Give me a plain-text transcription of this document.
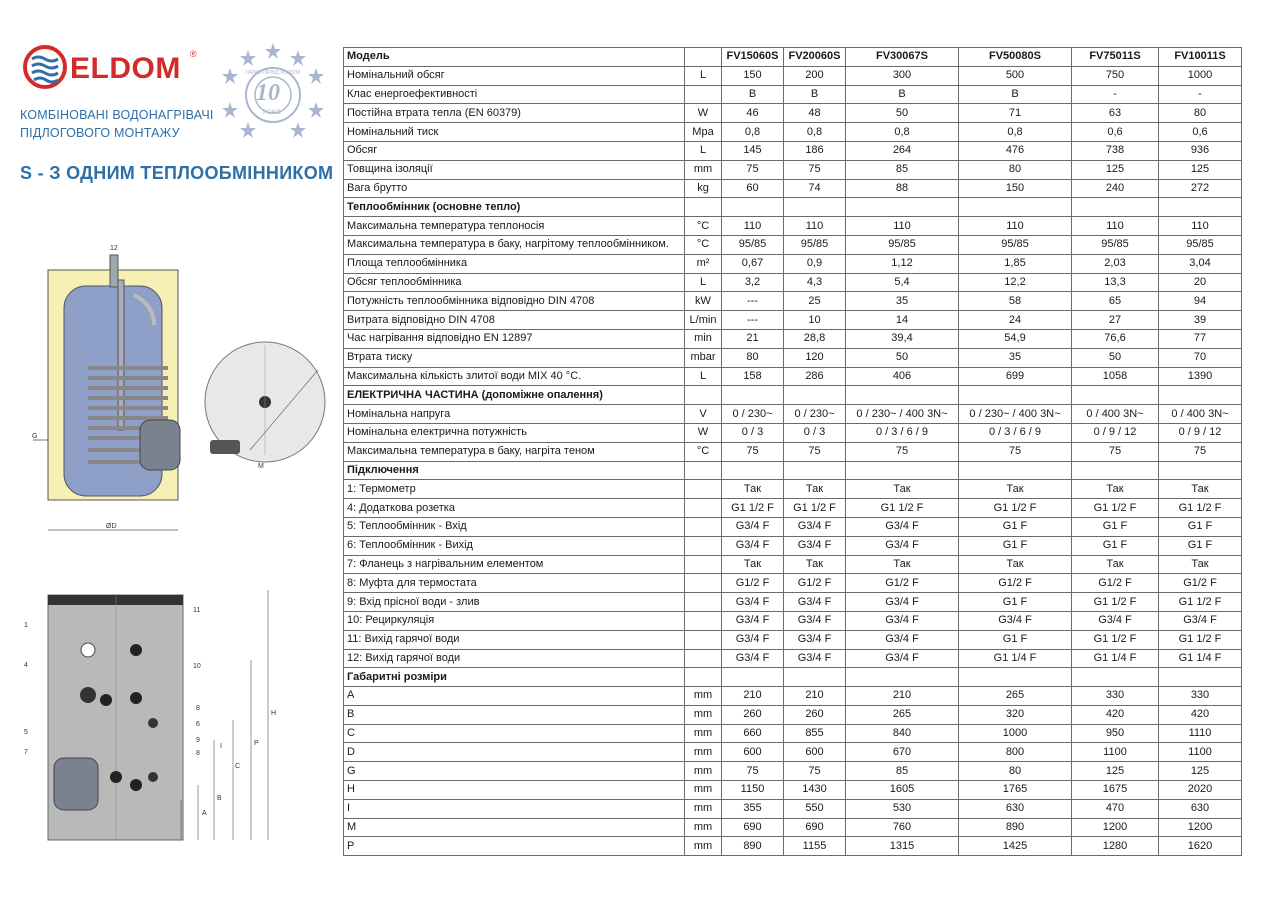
ELDOM ®
10
ГАРАНТІЯ ВІД КОРОЗІЇ
РОКІВ
КОМБІНОВАНІ ВОДОНАГРІВАЧІ
ПІДЛОГОВОГО МОНТАЖУ
S - З ОДНИМ ТЕПЛООБМІННИКОМ
12
G
ØD
M
1
4
5
7
11
10
8
6
9
8
A
B
C
I	P
H
Модель		FV15060S	FV20060S	FV30067S	FV50080S	FV75011S	FV10011S
Номінальний обсяг	L	150	200	300	500	750	1000
Клас енергоефективності		B	B	B	B	-	-
Постійна втрата тепла (EN 60379)	W	46	48	50	71	63	80
Номінальний тиск	Mpa	0,8	0,8	0,8	0,8	0,6	0,6
Обсяг	L	145	186	264	476	738	936
Товщина ізоляції	mm	75	75	85	80	125	125
Вага брутто	kg	60	74	88	150	240	272
Теплообмінник (основне тепло)							
Максимальна температура теплоносія	°C	110	110	110	110	110	110
Максимальна температура в баку, нагрітому теплообмінником.	°C	95/85	95/85	95/85	95/85	95/85	95/85
Площа теплообмінника	m²	0,67	0,9	1,12	1,85	2,03	3,04
Обсяг теплообмінника	L	3,2	4,3	5,4	12,2	13,3	20
Потужність теплообмінника відповідно DIN 4708	kW	---	25	35	58	65	94
Витрата відповідно DIN 4708	L/min	---	10	14	24	27	39
Час нагрівання відповідно EN 12897	min	21	28,8	39,4	54,9	76,6	77
Втрата тиску	mbar	80	120	50	35	50	70
Максимальна кількість злитої води MIX 40 °C.	L	158	286	406	699	1058	1390
ЕЛЕКТРИЧНА ЧАСТИНА (допоміжне опалення)							
Номінальна напруга	V	0 / 230~	0 / 230~	0 / 230~ / 400 3N~	0 / 230~ / 400 3N~	0 / 400 3N~	0 / 400 3N~
Номінальна електрична потужність	W	0 / 3	0 / 3	0 / 3 / 6 / 9	0 / 3 / 6 / 9	0 / 9 / 12	0 / 9 / 12
Максимальна температура в баку, нагріта теном	°C	75	75	75	75	75	75
Підключення							
1: Термометр		Так	Так	Так	Так	Так	Так
4: Додаткова розетка		G1 1/2 F	G1 1/2 F	G1 1/2 F	G1 1/2 F	G1 1/2 F	G1 1/2 F
5: Теплообмінник - Вхід		G3/4 F	G3/4 F	G3/4 F	G1 F	G1 F	G1 F
6: Теплообмінник - Вихід		G3/4 F	G3/4 F	G3/4 F	G1 F	G1 F	G1 F
7: Фланець з нагрівальним елементом		Так	Так	Так	Так	Так	Так
8: Муфта для термостата		G1/2 F	G1/2 F	G1/2 F	G1/2 F	G1/2 F	G1/2 F
9: Вхід прісної води - злив		G3/4 F	G3/4 F	G3/4 F	G1 F	G1 1/2 F	G1 1/2 F
10: Рециркуляція		G3/4 F	G3/4 F	G3/4 F	G3/4 F	G3/4 F	G3/4 F
11: Вихід гарячої води		G3/4 F	G3/4 F	G3/4 F	G1 F	G1 1/2 F	G1 1/2 F
12: Вихід гарячої води		G3/4 F	G3/4 F	G3/4 F	G1 1/4 F	G1 1/4 F	G1 1/4 F
Габаритні розміри							
A	mm	210	210	210	265	330	330
B	mm	260	260	265	320	420	420
C	mm	660	855	840	1000	950	1110
D	mm	600	600	670	800	1100	1100
G	mm	75	75	85	80	125	125
H	mm	1150	1430	1605	1765	1675	2020
I	mm	355	550	530	630	470	630
M	mm	690	690	760	890	1200	1200
P	mm	890	1155	1315	1425	1280	1620
